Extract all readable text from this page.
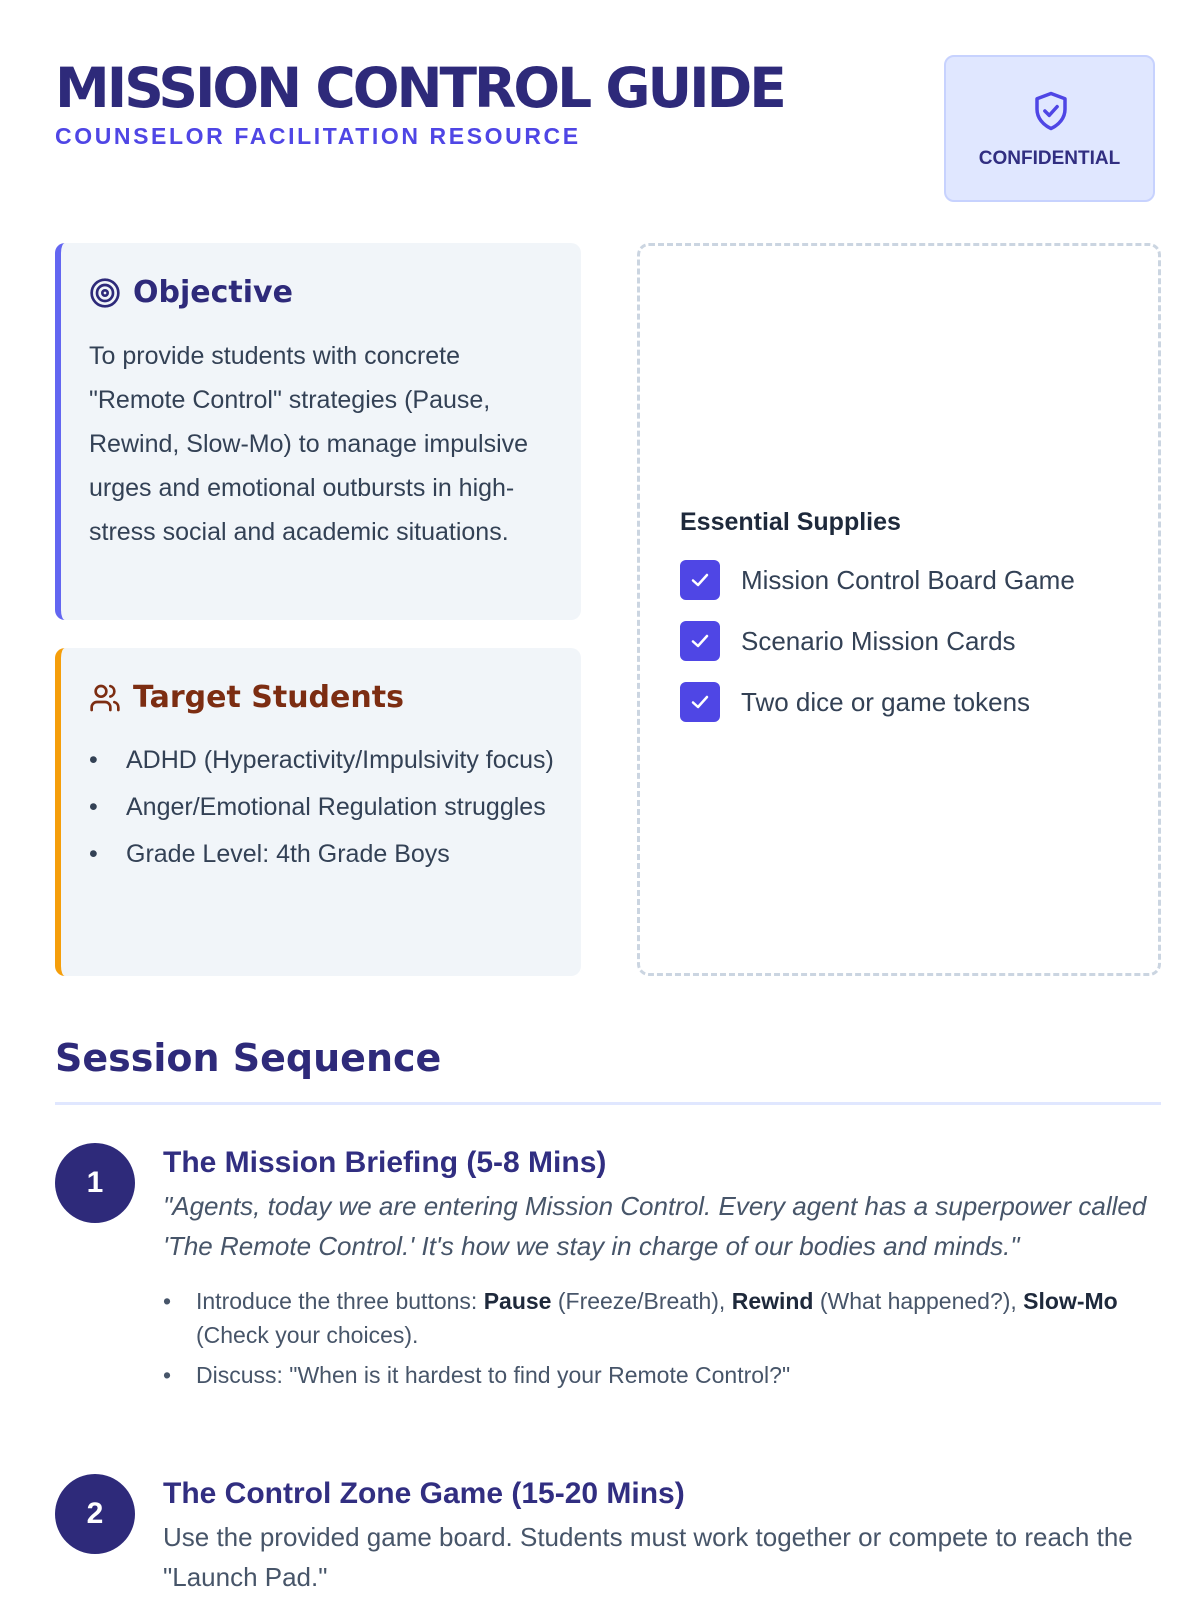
MISSION CONTROL GUIDE
COUNSELOR FACILITATION RESOURCE
CONFIDENTIAL
Objective
To provide students with concrete "Remote Control" strategies (Pause, Rewind, Slow-Mo) to manage impulsive urges and emotional outbursts in high-stress social and academic situations.
Target Students
• ADHD (Hyperactivity/Impulsivity focus)
• Anger/Emotional Regulation struggles
• Grade Level: 4th Grade Boys
Essential Supplies
Mission Control Board Game
Scenario Mission Cards
Two dice or game tokens
Session Sequence
1
The Mission Briefing (5-8 Mins)
"Agents, today we are entering Mission Control. Every agent has a superpower called 'The Remote Control.' It's how we stay in charge of our bodies and minds."
• Introduce the three buttons: Pause (Freeze/Breath), Rewind (What happened?), Slow-Mo (Check your choices).
• Discuss: "When is it hardest to find your Remote Control?"
2
The Control Zone Game (15-20 Mins)
Use the provided game board. Students must work together or compete to reach the "Launch Pad."
